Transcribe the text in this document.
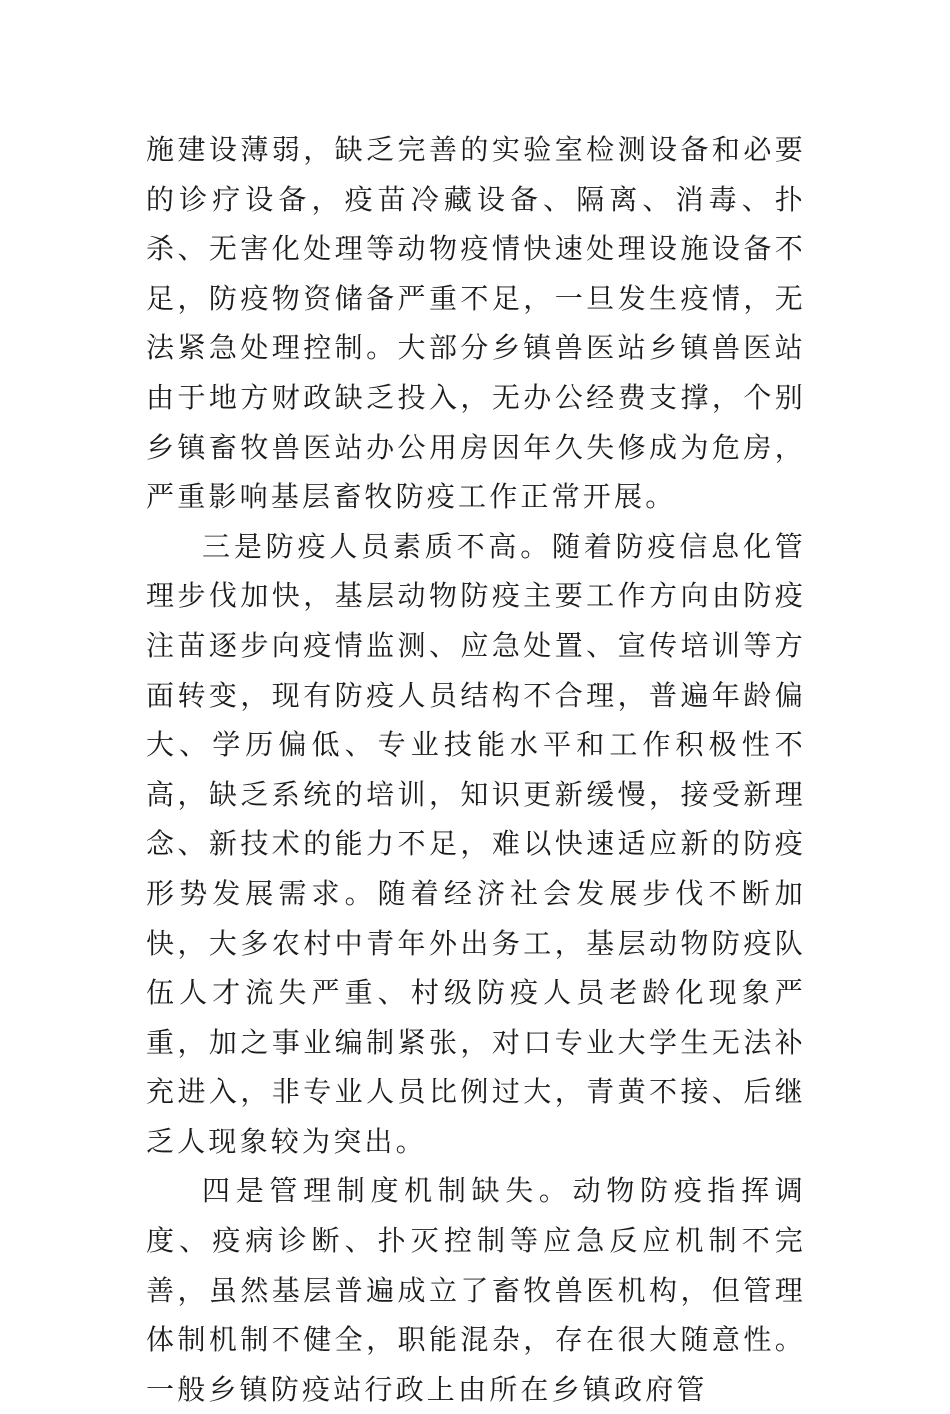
施建设薄弱，缺乏完善的实验室检测设备和必要的诊疗设备，疫苗冷藏设备、隔离、消毒、扑杀、无害化处理等动物疫情快速处理设施设备不足，防疫物资储备严重不足，一旦发生疫情，无法紧急处理控制。大部分乡镇兽医站乡镇兽医站由于地方财政缺乏投入，无办公经费支撑，个别乡镇畜牧兽医站办公用房因年久失修成为危房，严重影响基层畜牧防疫工作正常开展。

三是防疫人员素质不高。随着防疫信息化管理步伐加快，基层动物防疫主要工作方向由防疫注苗逐步向疫情监测、应急处置、宣传培训等方面转变，现有防疫人员结构不合理，普遍年龄偏大、学历偏低、专业技能水平和工作积极性不高，缺乏系统的培训，知识更新缓慢，接受新理念、新技术的能力不足，难以快速适应新的防疫形势发展需求。随着经济社会发展步伐不断加快，大多农村中青年外出务工，基层动物防疫队伍人才流失严重、村级防疫人员老龄化现象严重，加之事业编制紧张，对口专业大学生无法补充进入，非专业人员比例过大，青黄不接、后继乏人现象较为突出。

四是管理制度机制缺失。动物防疫指挥调度、疫病诊断、扑灭控制等应急反应机制不完善，虽然基层普遍成立了畜牧兽医机构，但管理体制机制不健全，职能混杂，存在很大随意性。一般乡镇防疫站行政上由所在乡镇政府管
